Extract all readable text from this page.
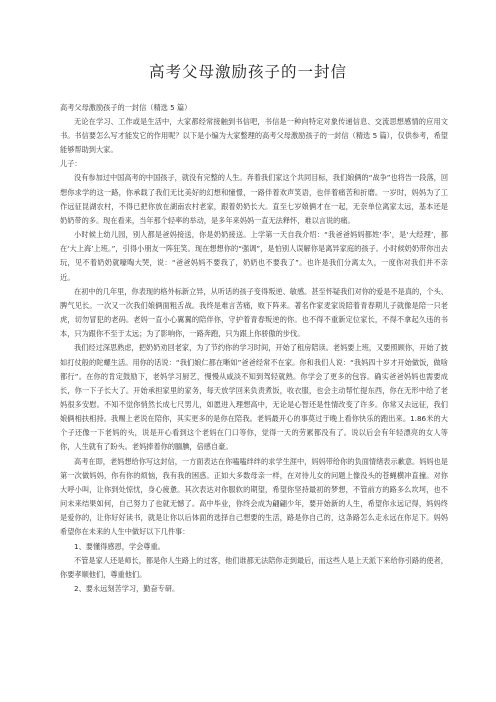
高考父母激励孩子的一封信
高考父母激励孩子的一封信（精选 5 篇）

无论在学习、工作或是生活中，大家都经常接触到书信吧，书信是一种向特定对象传递信息、交流思想感情的应用文书。书信要怎么写才能发它的作用呢？以下是小编为大家整理的高考父母激励孩子的一封信（精选 5 篇），仅供参考，希望能够帮助到大家。

儿子：

没有参加过中国高考的中国孩子，就没有完整的人生。奔着我们家这个共同目标，我们娘俩的“战争”也将告一段落，回想你求学的这一路，你承载了我们无比美好的幻想和憧憬，一路伴着欢声笑语，也伴着痛苦和折磨。一岁时，妈妈为了工作远征昆湖农村，不得已把你放在湖南农村老家，跟着奶奶长大。直至七岁娘俩才在一起，无奈单位离家太远，基本还是奶奶带的多。现在看来，当年那个轻率的举动，是多年来妈妈一直无法释怀，难以言说的痛。

小时候上幼儿园，别人都是爸妈接送，你是奶奶接送。上学第一天自我介绍：“我爸爸妈妈都姓‘李’，是‘大经理’，都在‘大上海’上班。”，引得小朋友一阵狂笑。现在想想你的“强调”，是怕别人误解你是离异家庭的孩子。小时候奶奶带你出去玩，见不着奶奶就嚎啕大哭，说：“爸爸妈妈不要我了，奶奶也不要我了”。也许是我们分离太久，一度你对我们并不亲近。

在初中的几年里，你表现的格外标新立异，从听话的孩子变得叛逆、敏感。甚至怀疑我们对你的爱是不是真的，个头、脾气见长。一次又一次我们娘俩面粗舌战。我终是难言苦痛，败下阵来。著名作家麦家说陪着青春期儿子就像是陪一只老虎，切勿冒犯的老码。老妈一直小心翼翼的陪伴你，守护着青春叛逆的你。也不得不重新定位家长，不得不拿起久违的书本，只为跟你不至于太远；为了影响你，一路奔跑，只为跟上你骄傲的步伐。

我们经过深思熟虑，把奶奶劝回老家，为了节约你的学习时间，开始了租房陪读。老妈要上班，又要照顾你，开始了披如打仗般的陀螺生活。用你的话说：“我们娘仁都在晰如”爸爸经常不在家。你和我们人说：“我妈四十岁才开始做饭，做啥都行”。在你的肯定鼓励下，老妈学习厨艺，慢慢从咸淡不知到驾轻就熟。你学会了更多的包容。确实爸爸妈妈也需要成长，你一下子长大了。开始承担家里的家务，每天放学回来负责煮饭，收衣服，也会主动帮忙提东西，你在无形中给了老妈很多安慰。不知不觉你悄然长成七尺男儿，如愿进入理想高中，无论是心智还是性情改变了许多。你常又去远征，我们娘俩相扶相持。我赐上老说在陪你，其实更多的是你在陪我。老妈最开心的事莫过于晚上看你快乐的跑出来。1.86米的大个子还像一下老妈的头，说是开心看到这个老妈在门口等你，觉得一天的劳累都没有了。说以后会有年轻漂亮的女人等你，人生就有了盼头。老妈捧着你的腼腆，倍感自豪。

高考在即，老妈想给你写这封信，一方面表达在你嗑嗑绊绊的求学生涯中，妈妈带给你的负面情绪表示歉意。妈妈也是第一次做妈妈，你有你的烦恼，我有我的困惑。正如大多数母亲一样，在对待儿女的问题上像没头的苍蝇横冲直撞。对你大呼小叫，让你到处惊忧，身心疲惫。其次表达对你服软的期望，希望你坚持最初的梦想，不管前方的路多么坎坷，也不问未来结果如何，自己努力了也就无憾了。高中毕业，你终会成为翩翩少年，要开始新的人生，希望你永远记得，妈妈终是爱你的，让你好好读书，就是让你以后体面的选择自己想要的生活，路是你自己的，这条路怎么走永远在你足下。妈妈希望你在未来的人生中做好以下几件事：

1、要懂得感恩，学会尊重。

不管是家人还是师长，都是你人生路上的过客，他们谁都无法陪你走到最后，而这些人是上天派下来给你引路的使者，你要孝顺他们，尊重他们。

2、要永远刻苦学习，勤奋专研。
